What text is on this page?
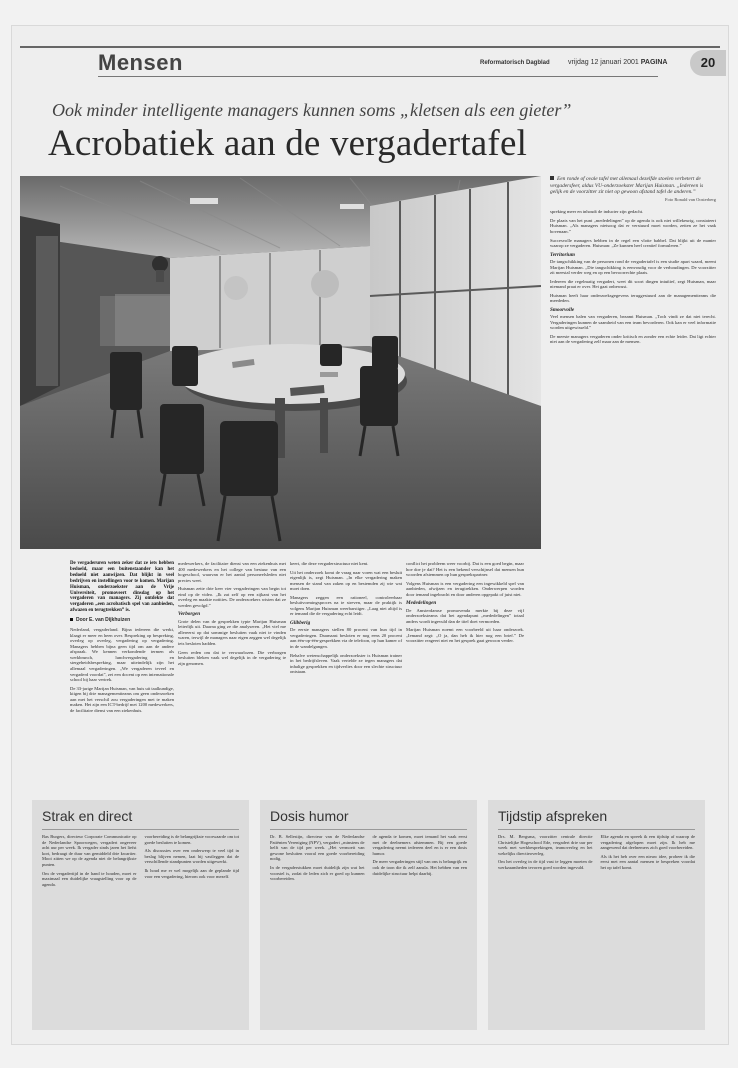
Mensen	Reformatorisch Dagblad	vrijdag 12 januari 2001 PAGINA	20
Ook minder intelligente managers kunnen soms „kletsen als een gieter”
Acrobatiek aan de vergadertafel
Een ronde of ovale tafel met allemaal dezelfde stoelen verbetert de vergadersfeer, aldus VU-onderzoekster Marijan Huisman. „Iedereen is gelijk en de voorzitter zit niet op gewoon afstand tafel de anderen.”
Foto Ronald van Oosterberg

spreking meer en inhoudt de inducter zijn gedacht.

De plaats van het punt „mededelingen” op de agenda is ook niet willekeurig, constateert Huisman. „Als managers nietsoog dat er verstuurd moet worden, zetten ze het vaak bovenaan.”

Succesvolle managers hebben in de regel een vlotte babbel. Dat blijkt uit de manier waarop ze vergaderen. Huisman: „Ze kunnen heel creatief formuleren.”

Territorium

De tangschikking van de personen rond de vergadertafel is een studie apart waard, meent Marijan Huisman. „Die tangschikking is eenvoudig voor de verhoudingen. De voorzitter zit meestal verder weg en op een bevoorrechte plaats.

Iedereen die regelmatig vergadert, weet dit soort dingen intuïtief, zegt Huisman, maar niemand praat er over. Het gaat onbewust.

Huisman heeft haar onderzoeksgegevens teruggestuurd aan de managementteams die meededen.

Smoorvolle

Veel mensen balen van vergaderen, beaamt Huisman. „Toch vindt ze dat niet terecht. Vergaderingen kunnen de saamheid van een team bevorderen. Ook kan er veel informatie worden uitgewisseld.”

De meeste managers vergaderen onder kritisch en zonder een echte leider. Dat ligt echter niet aan de vergadering zelf maar aan de mensen.

De vergaderuren weten zeker dat ze iets hebben bedoeld, maar een buitenstaander kan het bedoeld niet aanwijzen. Dat blijkt in veel bedrijven en instellingen voor te komen. Marijan Huisman, onderzoekster aan de Vrije Universiteit, promoveert dinsdag op het vergaderen van managers. Zij ontdekte dat vergaderen „een acrobatisch spel van aanbieden, afwazen en terugtrekken” is.

Door E. van Dijkhuizen

Nederland, vergaderland. Bijna iedereen die werkt, klaagt er meer en heen over. Bespreking op bespreking, overleg op overleg, vergadering op vergadering. Managers hebben bijna geen tijd om aan de andere afspraak. We kennen verkondende termen als werkbrunch, lunchvergadering en stergeheidsbespreking, maar uiteindelijk zijn het allemaal vergaderingen. „We vergaderen teveel en vergaderd voordat”, zei een docent op een internationale school bij haar vertrek.

De 33-jarige Marijan Huisman, van huis uit taalkundige, kiigen bij drie managementteams om geen onderzoeken aan met het verschil zou vergaderingen met te maken maken. Het zijn een ICT-bedrijf met 1200 medewerkers, de facilitaire dienst van een ziekenhuis.

medewerkers, de facilitaire dienst van een ziekenhuis met 400 medewerkers en het college van bestuur van een hogeschool, waarvan er het aantal personeelsleden niet precies weet.

Huisman zette drie keer vier vergaderingen van begin tot eind op de video. „Ik zat zelf op een zijkant van het overleg en maakte notities. De onderzoekers wisten dat ze werden gevolgd.”

Verborgen

Grote delen van de gesprekken typte Marijan Huisman letterlijk uit. Daarna ging ze die analyseren. „Het viel me allereerst op dat sommige besluiten vaak niet te vinden waren, terwijl de managers naar eigen zeggen wel degelijk iets besloten hadden.

Geen reden om dat te verwaarlozen. Die verborgen besluiten bleken vaak wel degelijk in de vergadering te zijn genomen.

keert, die deze vergaderstructuur niet kent.

Uit het onderzoek komt de vraag naar voren wat een besluit eigenlijk is, zegt Huisman. „In elke vergadering maken mensen de stand van zaken op en bestemden zij wie wat moet doen.

Managers zeggen een rationeel, controleerbaar besluitvormingsproces na te streven, maar de praktijk is volgens Marijan Huisman weerbarstiger. „Laag niet altijd is er iemand die de vergadering echt leidt.

Glibberig

De eerste managers stellen 80 procent van hun tijd in vergaderingen. Daarnaast besloten er nog eens 20 procent aan één-op-één-gesprekken via de telefoon, op hun kamer of in de wandelgangen.

Behalve wetenschappelijk onderzoekster is Huisman trainer in het bedrijfsleven. Vaak vertelde ze tegen managers dat inhalige gesprekken en tijdverlies door een slechte structuur ontstaan.

conflict het probleem weer voorbij. Dat is een goed begin, maar hoe doe je dat? Het is een bekend verschijnsel dat mensen hun woorden afstemmen op hun gesprekspartner.

Volgens Huisman is een vergadering een ingewikkeld spel van aanbieden, afwijzen en terugtrekken. Onderwerpen worden door iemand ingebracht en door anderen opgepakt of juist niet.

Mededelingen

De Amsterdamse promovenda merkte bij deze vijf onderzoeksteams dat het agendapunt „mededelingen” totaal anders wordt ingevuld dan de titel doet vermoeden.

Marijan Huisman noemt een voorbeeld uit haar onderzoek. „Iemand zegt: „O ja, dan heb ik hier nog een brief.” De voorzitter reageert niet en het gesprek gaat gewoon verder.

Strak en direct

Bas Burgers, directeur Corporate Communicatie op de Nederlandse Spoorwegen, vergadert ongeveer acht uur per week. Ik vergader sinds jaren het liefst kort, bedraagt de duur van gemiddeld drie kwartier. Mooi zitten we op de agenda niet de belangrijkste punten.

Om de vergadertijd in de hand te houden, moet er maximaal een duidelijke vraagstelling voor op de agenda.

voorbereiding is de belangrijkste voorwaarde om tot goede besluiten te komen.

Als discussies over een onderwerp te veel tijd in beslag blijven nemen, laat hij vastleggen dat de verschillende standpunten worden uitgewerkt.

Ik houd me er wel mogelijk aan de geplande tijd voor een vergadering, hierom ook voor mezelf.

Dosis humor

Dr. B. Sellestijn, directeur van de Nederlandse Patiënten Vereniging (NPV), vergadert „minstens de helft van de tijd per week. „Het vermoeit van gewone besluiten vooral een goede voorbereiding nodig.

In de vergaderstukken moet duidelijk zijn wat het voorstel is, zodat de leden zich er goed op kunnen voorbereiden.

de agenda te komen, moet iemand het vaak eerst met de deelnemers afstemmen. Bij een goede vergadering neemt iedereen deel en is er een dosis humor.

De meer vergaderingen stijl van ons is belangrijk en ook de toon die ik zelf aansla. Het hebben van een duidelijke structuur helpt daarbij.

Tijdstip afspreken

Drs. M. Bergsma, voorzitter centrale directie Christelijke Hogeschool Ede, vergadert drie uur per week met werkbesprekingen, teamoverleg en het wekelijks directieoverleg.

Om het overleg in de tijd vast te leggen moeten de werkzaamheden tevoren goed worden ingevuld.

Elke agenda en spreek ik een tijdstip af waarop de vergadering afgelopen moet zijn. Ik heb me aangewend dat deelnemers zich goed voorbereiden.

Als ik het heb over een nieuw idee, probeer ik die eerst met een aantal mensen te bespreken voordat het op tafel komt.
